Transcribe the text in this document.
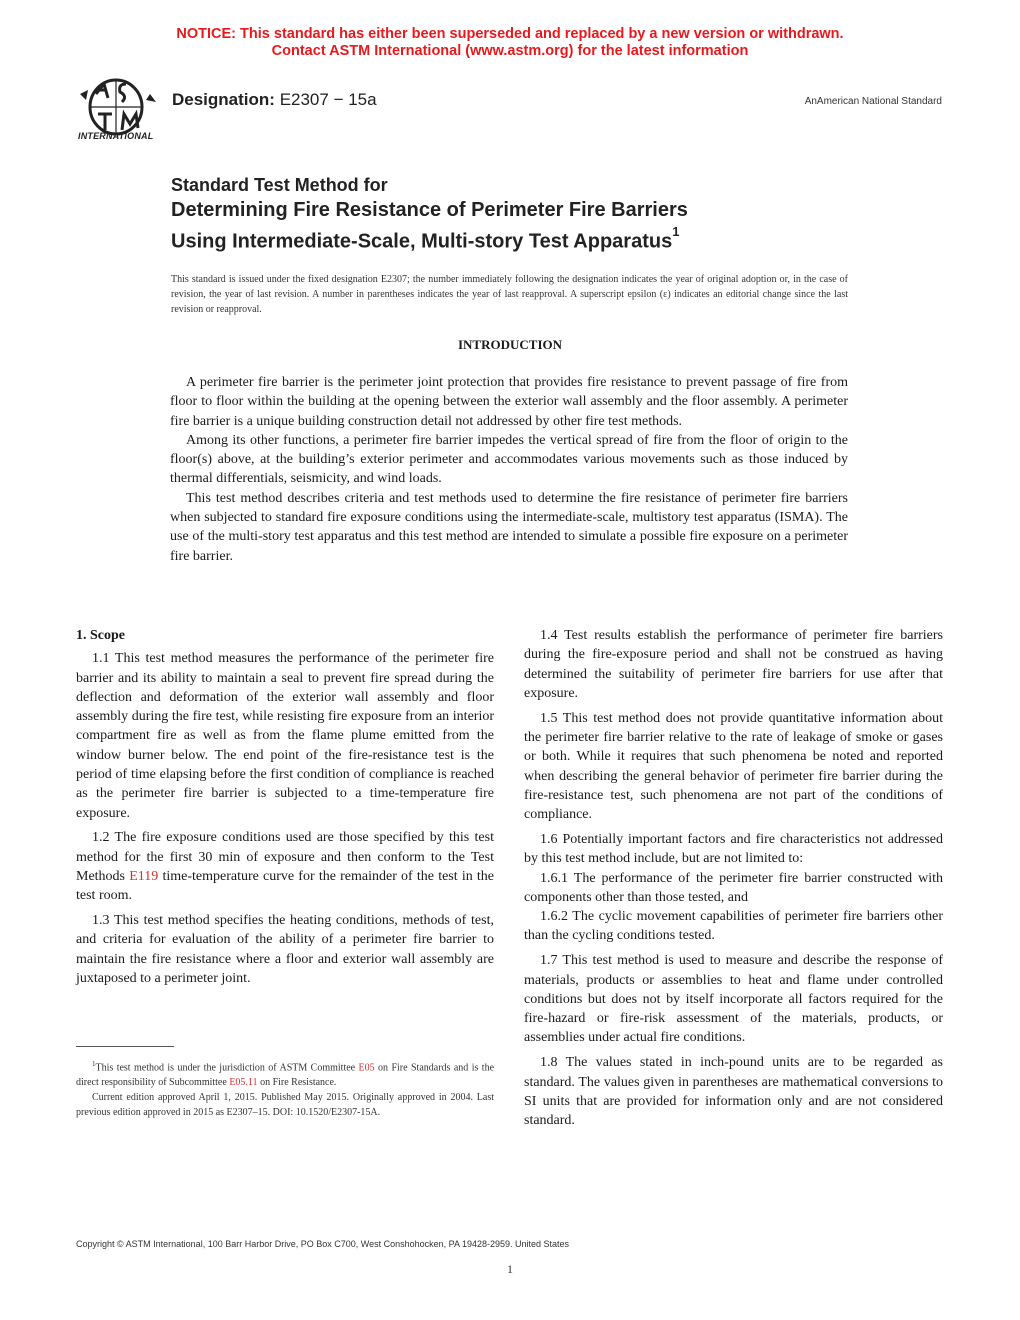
NOTICE: This standard has either been superseded and replaced by a new version or withdrawn.
Contact ASTM International (www.astm.org) for the latest information
INTERNATIONAL
Designation: E2307 − 15a	AnAmerican National Standard
Standard Test Method for
Determining Fire Resistance of Perimeter Fire Barriers
Using Intermediate-Scale, Multi-story Test Apparatus$^1$
This standard is issued under the fixed designation E2307; the number immediately following the designation indicates the year of original adoption or, in the case of revision, the year of last revision. A number in parentheses indicates the year of last reapproval. A superscript epsilon (ε) indicates an editorial change since the last revision or reapproval.
INTRODUCTION

A perimeter fire barrier is the perimeter joint protection that provides fire resistance to prevent passage of fire from floor to floor within the building at the opening between the exterior wall assembly and the floor assembly. A perimeter fire barrier is a unique building construction detail not addressed by other fire test methods.

Among its other functions, a perimeter fire barrier impedes the vertical spread of fire from the floor of origin to the floor(s) above, at the building’s exterior perimeter and accommodates various movements such as those induced by thermal differentials, seismicity, and wind loads.

This test method describes criteria and test methods used to determine the fire resistance of perimeter fire barriers when subjected to standard fire exposure conditions using the intermediate-scale, multistory test apparatus (ISMA). The use of the multi-story test apparatus and this test method are intended to simulate a possible fire exposure on a perimeter fire barrier.

1. Scope

1.1 This test method measures the performance of the perimeter fire barrier and its ability to maintain a seal to prevent fire spread during the deflection and deformation of the exterior wall assembly and floor assembly during the fire test, while resisting fire exposure from an interior compartment fire as well as from the flame plume emitted from the window burner below. The end point of the fire-resistance test is the period of time elapsing before the first condition of compliance is reached as the perimeter fire barrier is subjected to a time-temperature fire exposure.

1.2 The fire exposure conditions used are those specified by this test method for the first 30 min of exposure and then conform to the Test Methods E119 time-temperature curve for the remainder of the test in the test room.

1.3 This test method specifies the heating conditions, methods of test, and criteria for evaluation of the ability of a perimeter fire barrier to maintain the fire resistance where a floor and exterior wall assembly are juxtaposed to a perimeter joint.

1.4 Test results establish the performance of perimeter fire barriers during the fire-exposure period and shall not be construed as having determined the suitability of perimeter fire barriers for use after that exposure.

1.5 This test method does not provide quantitative information about the perimeter fire barrier relative to the rate of leakage of smoke or gases or both. While it requires that such phenomena be noted and reported when describing the general behavior of perimeter fire barrier during the fire-resistance test, such phenomena are not part of the conditions of compliance.

1.6 Potentially important factors and fire characteristics not addressed by this test method include, but are not limited to:

1.6.1 The performance of the perimeter fire barrier constructed with components other than those tested, and

1.6.2 The cyclic movement capabilities of perimeter fire barriers other than the cycling conditions tested.

1.7 This test method is used to measure and describe the response of materials, products or assemblies to heat and flame under controlled conditions but does not by itself incorporate all factors required for the fire-hazard or fire-risk assessment of the materials, products, or assemblies under actual fire conditions.

1.8 The values stated in inch-pound units are to be regarded as standard. The values given in parentheses are mathematical conversions to SI units that are provided for information only and are not considered standard.

$^1$This test method is under the jurisdiction of ASTM Committee E05 on Fire Standards and is the direct responsibility of Subcommittee E05.11 on Fire Resistance.

Current edition approved April 1, 2015. Published May 2015. Originally approved in 2004. Last previous edition approved in 2015 as E2307–15. DOI: 10.1520/E2307-15A.

Copyright © ASTM International, 100 Barr Harbor Drive, PO Box C700, West Conshohocken, PA 19428-2959. United States
1
